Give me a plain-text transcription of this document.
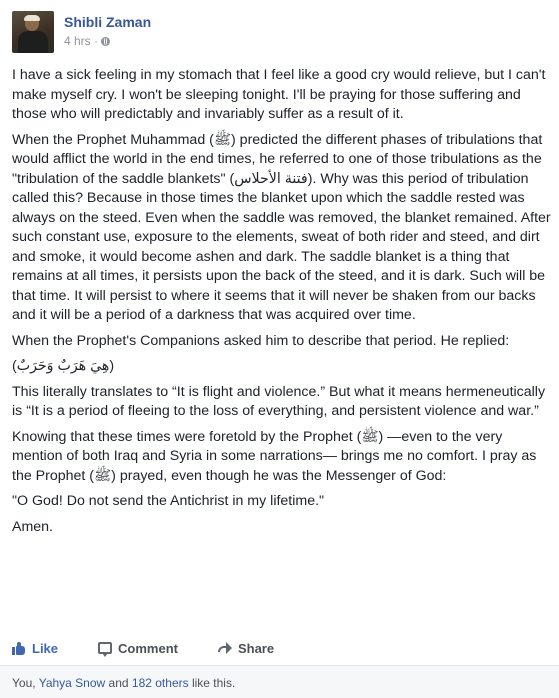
Shibli Zaman
4 hrs ·

I have a sick feeling in my stomach that I feel like a good cry would relieve, but I can't make myself cry. I won't be sleeping tonight. I'll be praying for those suffering and those who will predictably and invariably suffer as a result of it.

When the Prophet Muhammad (ﷺ) predicted the different phases of tribulations that would afflict the world in the end times, he referred to one of those tribulations as the "tribulation of the saddle blankets" (فتنة الأحلاس). Why was this period of tribulation called this? Because in those times the blanket upon which the saddle rested was always on the steed. Even when the saddle was removed, the blanket remained. After such constant use, exposure to the elements, sweat of both rider and steed, and dirt and smoke, it would become ashen and dark. The saddle blanket is a thing that remains at all times, it persists upon the back of the steed, and it is dark. Such will be that time. It will persist to where it seems that it will never be shaken from our backs and it will be a period of a darkness that was acquired over time.

When the Prophet's Companions asked him to describe that period. He replied:

(هِيَ هَرَبٌ وَحَرَبٌ)

This literally translates to “It is flight and violence.” But what it means hermeneutically is “It is a period of fleeing to the loss of everything, and persistent violence and war.”

Knowing that these times were foretold by the Prophet (ﷺ) —even to the very mention of both Iraq and Syria in some narrations— brings me no comfort. I pray as the Prophet (ﷺ) prayed, even though he was the Messenger of God:

"O God! Do not send the Antichrist in my lifetime."

Amen.

Like	Comment	Share
You, Yahya Snow and 182 others like this.
